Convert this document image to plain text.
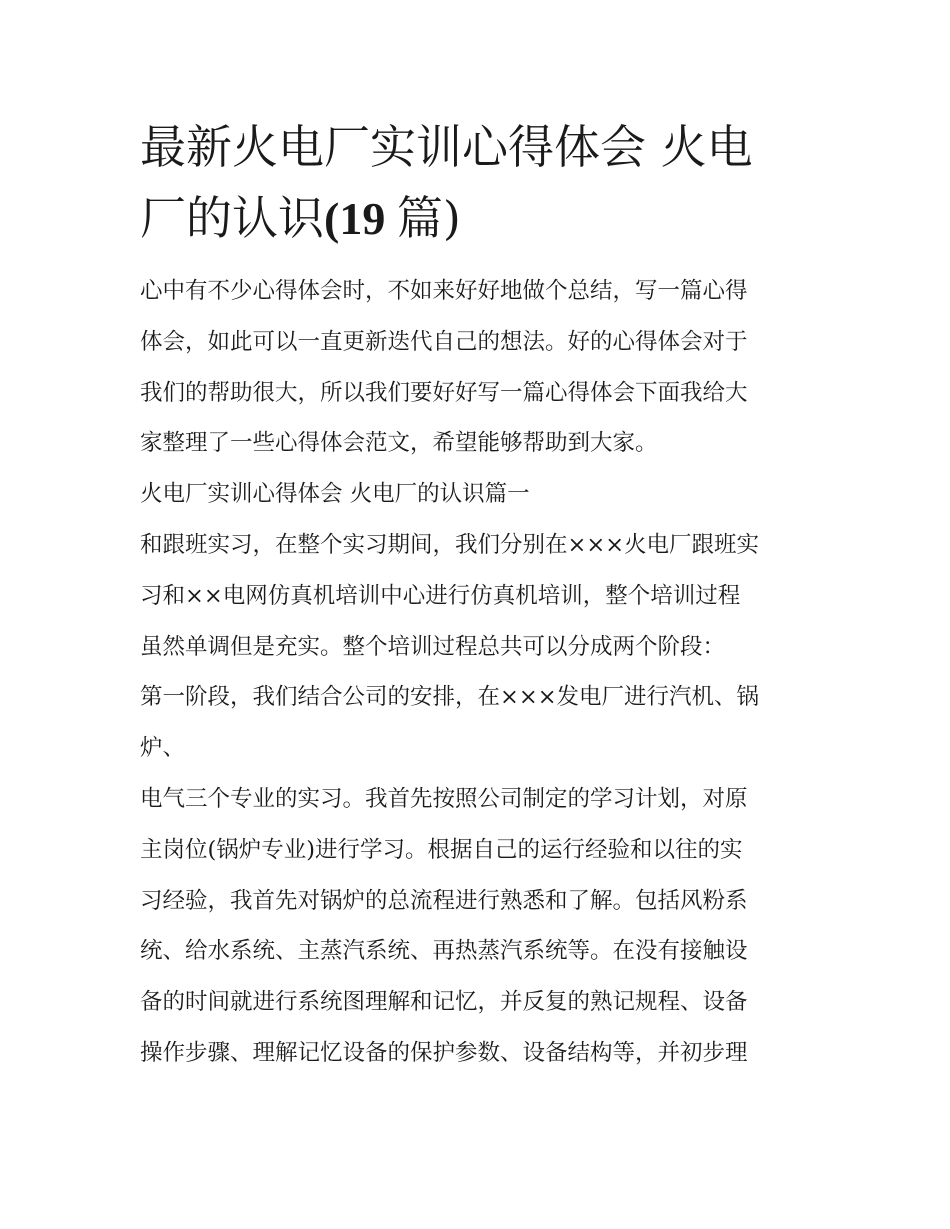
最新火电厂实训心得体会 火电
厂的认识(19 篇)

心中有不少心得体会时，不如来好好地做个总结，写一篇心得
体会，如此可以一直更新迭代自己的想法。好的心得体会对于
我们的帮助很大，所以我们要好好写一篇心得体会下面我给大
家整理了一些心得体会范文，希望能够帮助到大家。

火电厂实训心得体会 火电厂的认识篇一

和跟班实习，在整个实习期间，我们分别在×××火电厂跟班实
习和××电网仿真机培训中心进行仿真机培训，整个培训过程
虽然单调但是充实。整个培训过程总共可以分成两个阶段：

第一阶段，我们结合公司的安排，在×××发电厂进行汽机、锅
炉、

电气三个专业的实习。我首先按照公司制定的学习计划，对原
主岗位(锅炉专业)进行学习。根据自己的运行经验和以往的实
习经验，我首先对锅炉的总流程进行熟悉和了解。包括风粉系
统、给水系统、主蒸汽系统、再热蒸汽系统等。在没有接触设
备的时间就进行系统图理解和记忆，并反复的熟记规程、设备
操作步骤、理解记忆设备的保护参数、设备结构等，并初步理
